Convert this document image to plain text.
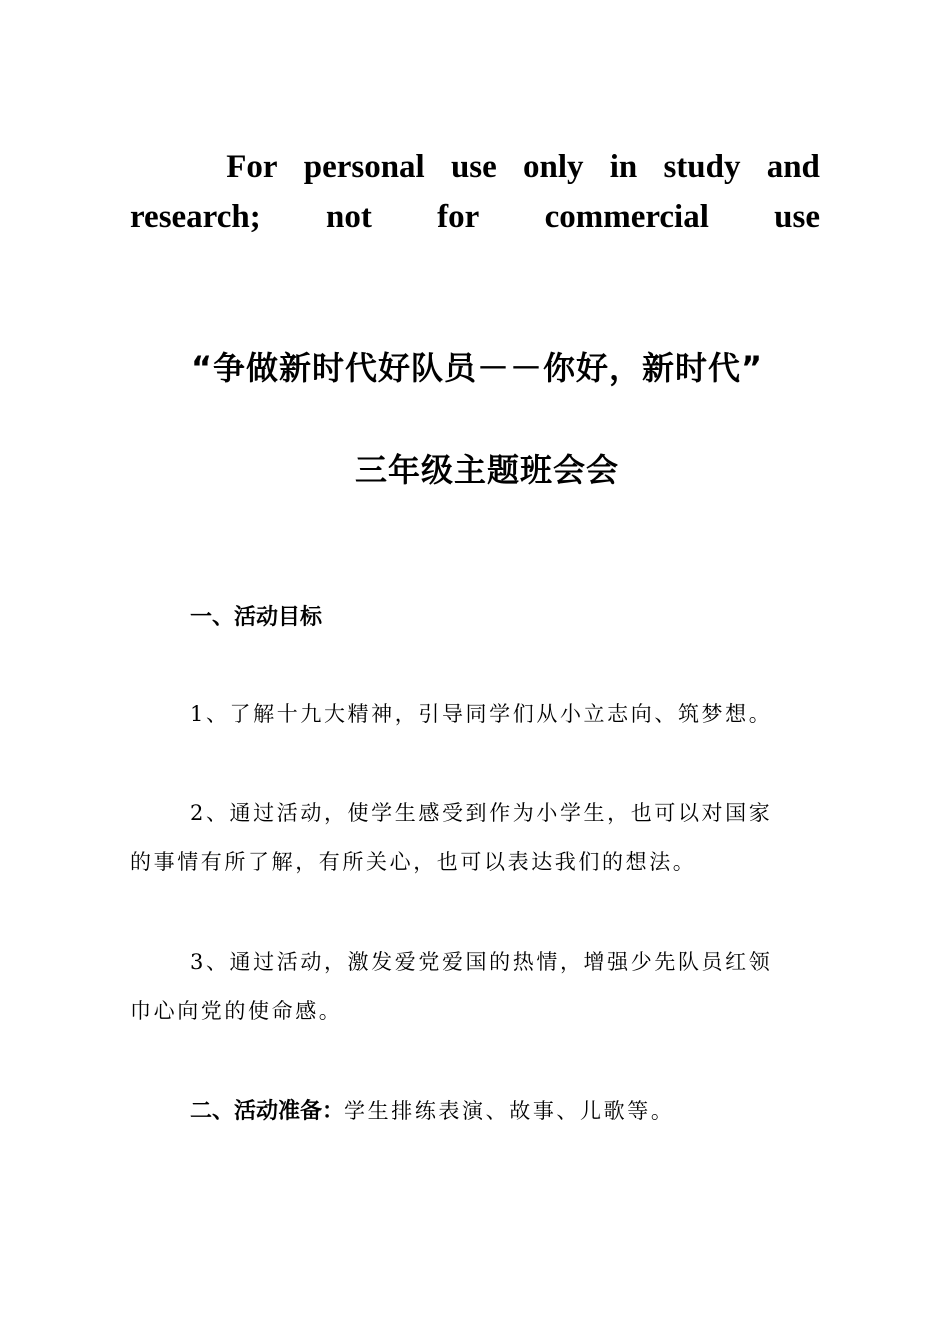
For personal use only in study and
research; not for commercial use
“争做新时代好队员－－你好，新时代”
三年级主题班会会
一、活动目标
1、了解十九大精神，引导同学们从小立志向、筑梦想。
2、通过活动，使学生感受到作为小学生，也可以对国家
的事情有所了解，有所关心，也可以表达我们的想法。
3、通过活动，激发爱党爱国的热情，增强少先队员红领
巾心向党的使命感。
二、活动准备：学生排练表演、故事、儿歌等。
